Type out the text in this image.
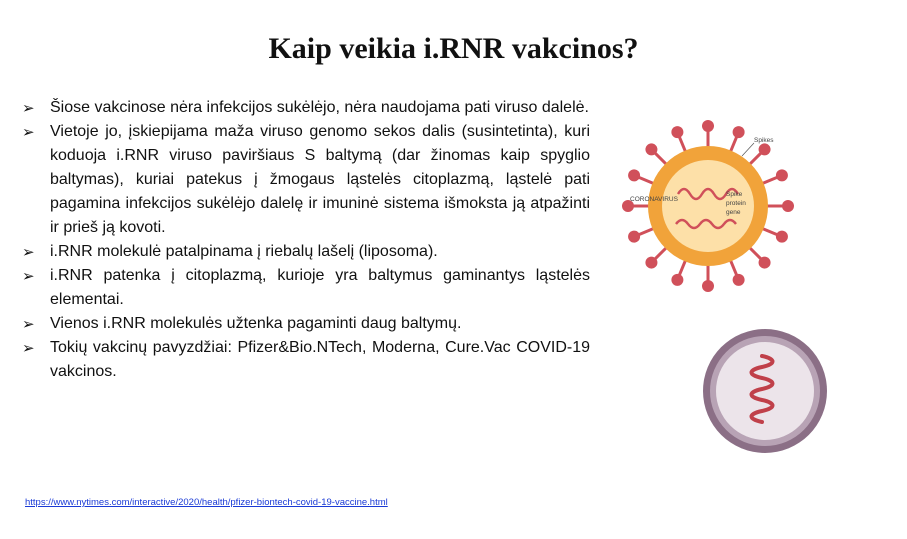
Kaip veikia i.RNR vakcinos?
➢ Šiose vakcinose nėra infekcijos sukėlėjo, nėra naudojama pati viruso dalelė.
➢ Vietoje jo, įskiepijama maža viruso genomo sekos dalis (susintetinta), kuri koduoja i.RNR viruso paviršiaus S baltymą (dar žinomas kaip spyglio baltymas), kuriai patekus į žmogaus ląstelės citoplazmą, ląstelė pati pagamina infekcijos sukėlėjo dalelę ir imuninė sistema išmoksta ją atpažinti ir prieš ją kovoti.
➢ i.RNR molekulė patalpinama į riebalų lašelį (liposoma).
➢ i.RNR patenka į citoplazmą, kurioje yra baltymus gaminantys ląstelės elementai.
➢ Vienos i.RNR molekulės užtenka pagaminti daug baltymų.
➢ Tokių vakcinų pavyzdžiai: Pfizer&Bio.NTech, Moderna, Cure.Vac COVID-19 vakcinos.
https://www.nytimes.com/interactive/2020/health/pfizer-biontech-covid-19-vaccine.html
Spikes
CORONAVIRUS
Spike
protein
gene
